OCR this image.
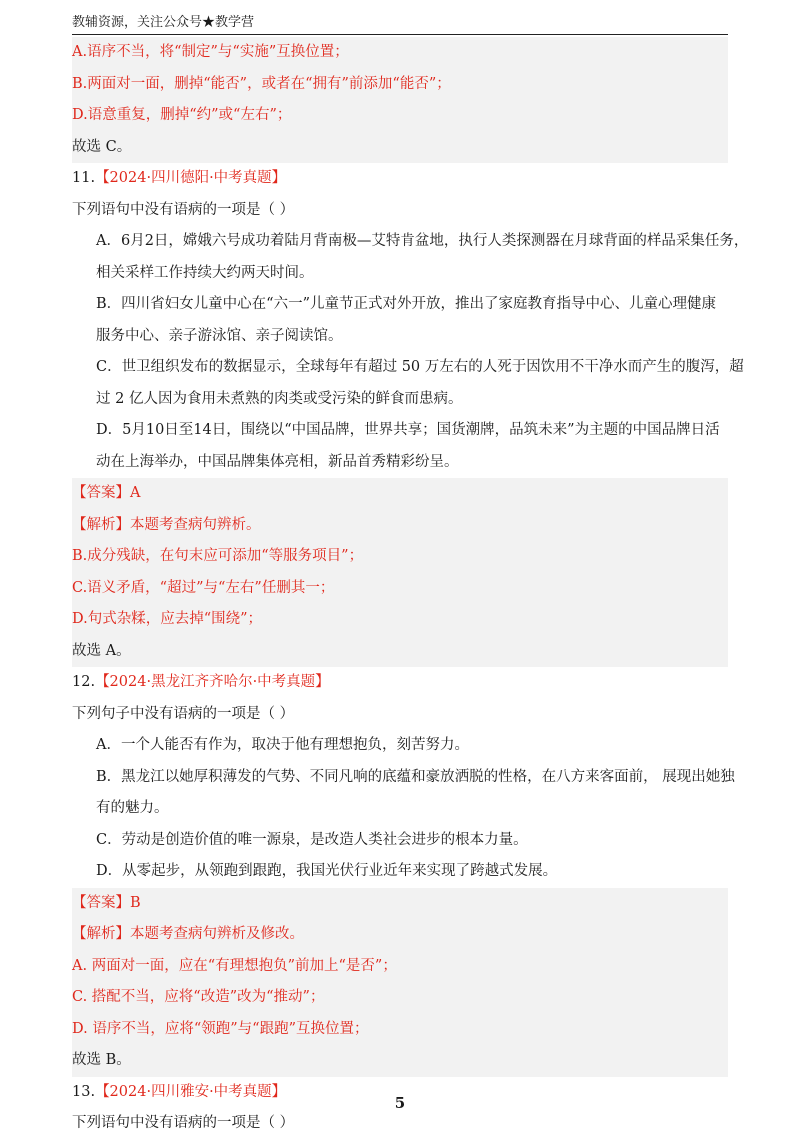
教辅资源，关注公众号★教学营
A.语序不当，将“制定”与“实施”互换位置；
B.两面对一面，删掉“能否”，或者在“拥有”前添加“能否”；
D.语意重复，删掉“约”或“左右”；
故选 C。
11.【2024·四川德阳·中考真题】
下列语句中没有语病的一项是（ ）
A．6月2日，嫦娥六号成功着陆月背南极—艾特肯盆地，执行人类探测器在月球背面的样品采集任务，
相关采样工作持续大约两天时间。
B．四川省妇女儿童中心在“六一”儿童节正式对外开放，推出了家庭教育指导中心、儿童心理健康
服务中心、亲子游泳馆、亲子阅读馆。
C．世卫组织发布的数据显示，全球每年有超过 50 万左右的人死于因饮用不干净水而产生的腹泻，超
过 2 亿人因为食用未煮熟的肉类或受污染的鲜食而患病。
D．5月10日至14日，围绕以“中国品牌，世界共享；国货潮牌，品筑未来”为主题的中国品牌日活
动在上海举办，中国品牌集体亮相，新品首秀精彩纷呈。
【答案】A
【解析】本题考查病句辨析。
B.成分残缺，在句末应可添加“等服务项目”；
C.语义矛盾，“超过”与“左右”任删其一；
D.句式杂糅，应去掉“围绕”；
故选 A。
12.【2024·黑龙江齐齐哈尔·中考真题】
下列句子中没有语病的一项是（ ）
A．一个人能否有作为，取决于他有理想抱负，刻苦努力。
B．黑龙江以她厚积薄发的气势、不同凡响的底蕴和豪放洒脱的性格，在八方来客面前， 展现出她独
有的魅力。
C．劳动是创造价值的唯一源泉，是改造人类社会进步的根本力量。
D．从零起步，从领跑到跟跑，我国光伏行业近年来实现了跨越式发展。
【答案】B
【解析】本题考查病句辨析及修改。
A. 两面对一面，应在“有理想抱负”前加上“是否”；
C. 搭配不当，应将“改造”改为“推动”；
D. 语序不当，应将“领跑”与“跟跑”互换位置；
故选 B。
13.【2024·四川雅安·中考真题】
下列语句中没有语病的一项是（ ）
5
